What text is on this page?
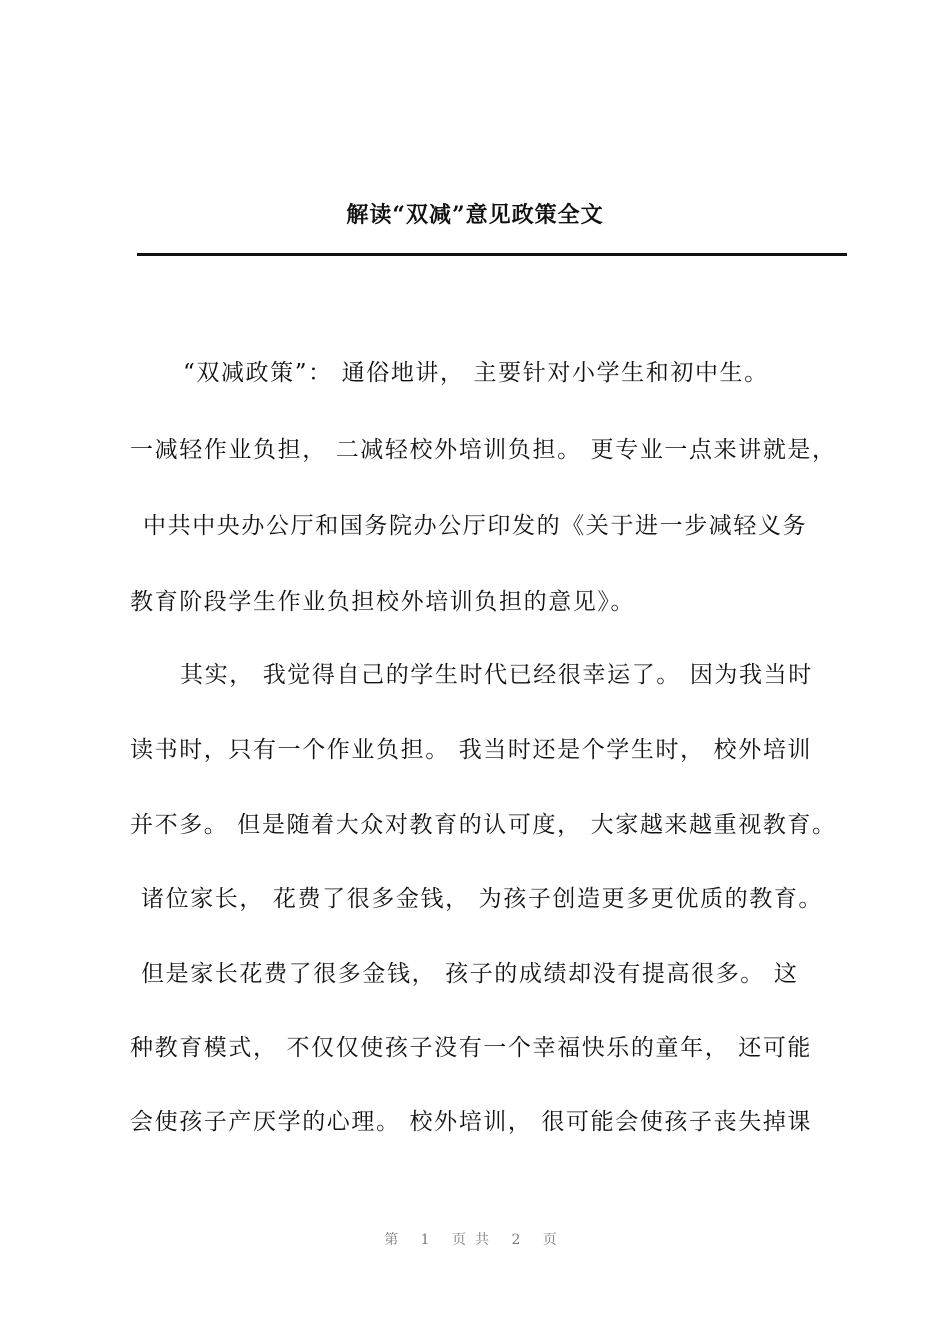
解读“双减”意见政策全文
“双减政策”： 通俗地讲， 主要针对小学生和初中生。
一减轻作业负担， 二减轻校外培训负担。 更专业一点来讲就是，
中共中央办公厅和国务院办公厅印发的《关于进一步减轻义务
教育阶段学生作业负担校外培训负担的意见》。
其实， 我觉得自己的学生时代已经很幸运了。 因为我当时
读书时，只有一个作业负担。 我当时还是个学生时， 校外培训
并不多。 但是随着大众对教育的认可度， 大家越来越重视教育。
诸位家长， 花费了很多金钱， 为孩子创造更多更优质的教育。
但是家长花费了很多金钱， 孩子的成绩却没有提高很多。 这
种教育模式， 不仅仅使孩子没有一个幸福快乐的童年， 还可能
会使孩子产厌学的心理。 校外培训， 很可能会使孩子丧失掉课
第 1 页共 2 页
